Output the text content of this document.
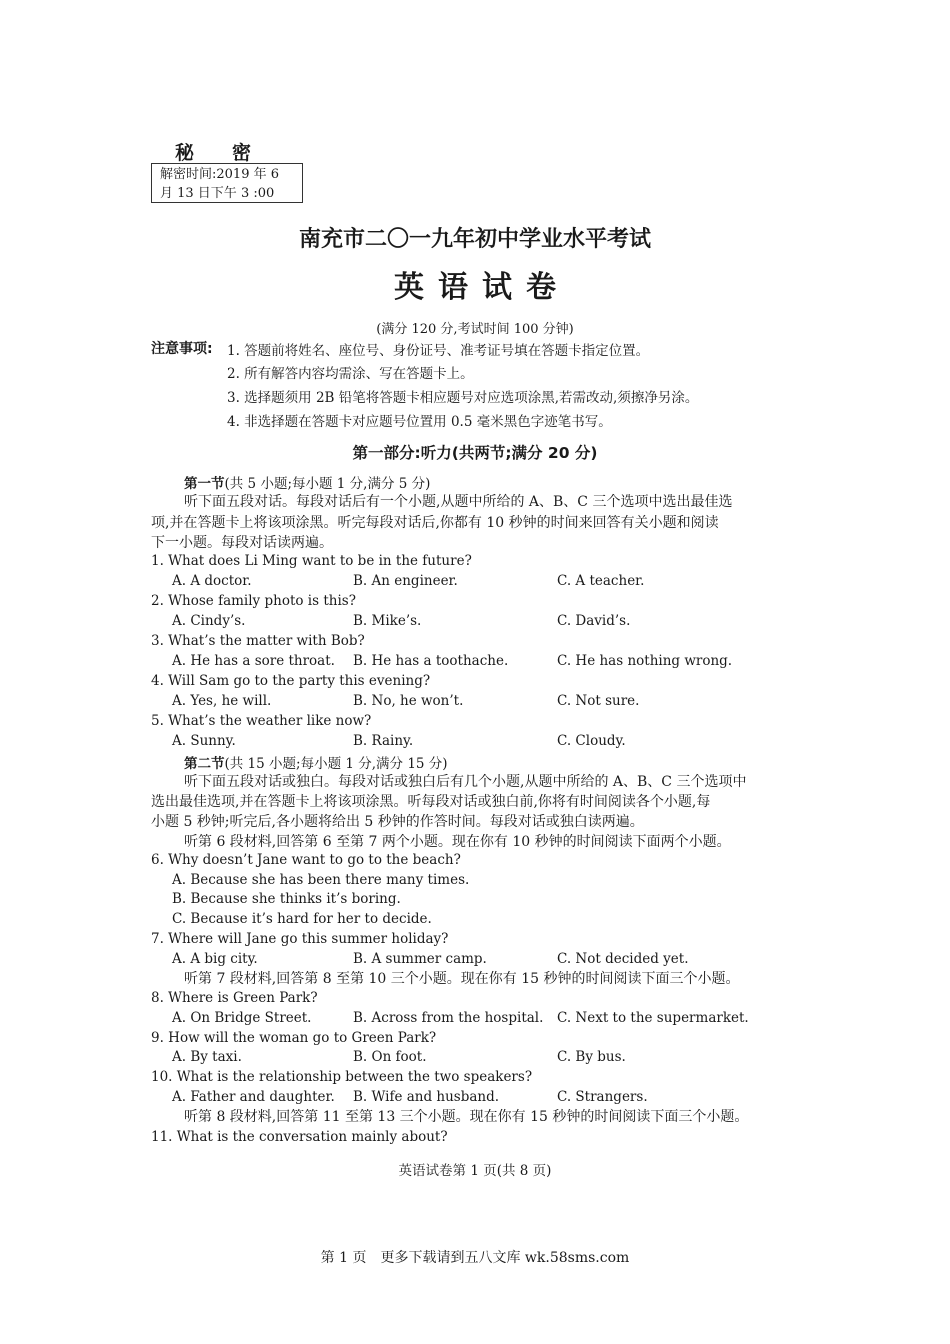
秘　　密
解密时间:2019 年 6
月 13 日下午 3 :00
南充市二〇一九年初中学业水平考试
英语试卷
(满分 120 分,考试时间 100 分钟)
注意事项: 1. 答题前将姓名、座位号、身份证号、准考证号填在答题卡指定位置。
2. 所有解答内容均需涂、写在答题卡上。
3. 选择题须用 2B 铅笔将答题卡相应题号对应选项涂黑,若需改动,须擦净另涂。
4. 非选择题在答题卡对应题号位置用 0.5 毫米黑色字迹笔书写。
第一部分:听力(共两节;满分 20 分)
第一节(共 5 小题;每小题 1 分,满分 5 分)
听下面五段对话。每段对话后有一个小题,从题中所给的 A、B、C 三个选项中选出最佳选
项,并在答题卡上将该项涂黑。听完每段对话后,你都有 10 秒钟的时间来回答有关小题和阅读
下一小题。每段对话读两遍。
1. What does Li Ming want to be in the future?
A. A doctor.	B. An engineer.	C. A teacher.
2. Whose family photo is this?
A. Cindy’s.	B. Mike’s.	C. David’s.
3. What’s the matter with Bob?
A. He has a sore throat. B. He has a toothache.	C. He has nothing wrong.
4. Will Sam go to the party this evening?
A. Yes, he will.	B. No, he won’t.	C. Not sure.
5. What’s the weather like now?
A. Sunny.	B. Rainy.	C. Cloudy.
第二节(共 15 小题;每小题 1 分,满分 15 分)
听下面五段对话或独白。每段对话或独白后有几个小题,从题中所给的 A、B、C 三个选项中
选出最佳选项,并在答题卡上将该项涂黑。听每段对话或独白前,你将有时间阅读各个小题,每
小题 5 秒钟;听完后,各小题将给出 5 秒钟的作答时间。每段对话或独白读两遍。
听第 6 段材料,回答第 6 至第 7 两个小题。现在你有 10 秒钟的时间阅读下面两个小题。
6. Why doesn’t Jane want to go to the beach?
A. Because she has been there many times.
B. Because she thinks it’s boring.
C. Because it’s hard for her to decide.
7. Where will Jane go this summer holiday?
A. A big city.	B. A summer camp.	C. Not decided yet.
听第 7 段材料,回答第 8 至第 10 三个小题。现在你有 15 秒钟的时间阅读下面三个小题。
8. Where is Green Park?
A. On Bridge Street.	B. Across from the hospital. C. Next to the supermarket.
9. How will the woman go to Green Park?
A. By taxi.	B. On foot.	C. By bus.
10. What is the relationship between the two speakers?
A. Father and daughter. B. Wife and husband.	C. Strangers.
听第 8 段材料,回答第 11 至第 13 三个小题。现在你有 15 秒钟的时间阅读下面三个小题。
11. What is the conversation mainly about?
英语试卷第 1 页(共 8 页)
第 1 页　更多下载请到五八文库 wk.58sms.com
